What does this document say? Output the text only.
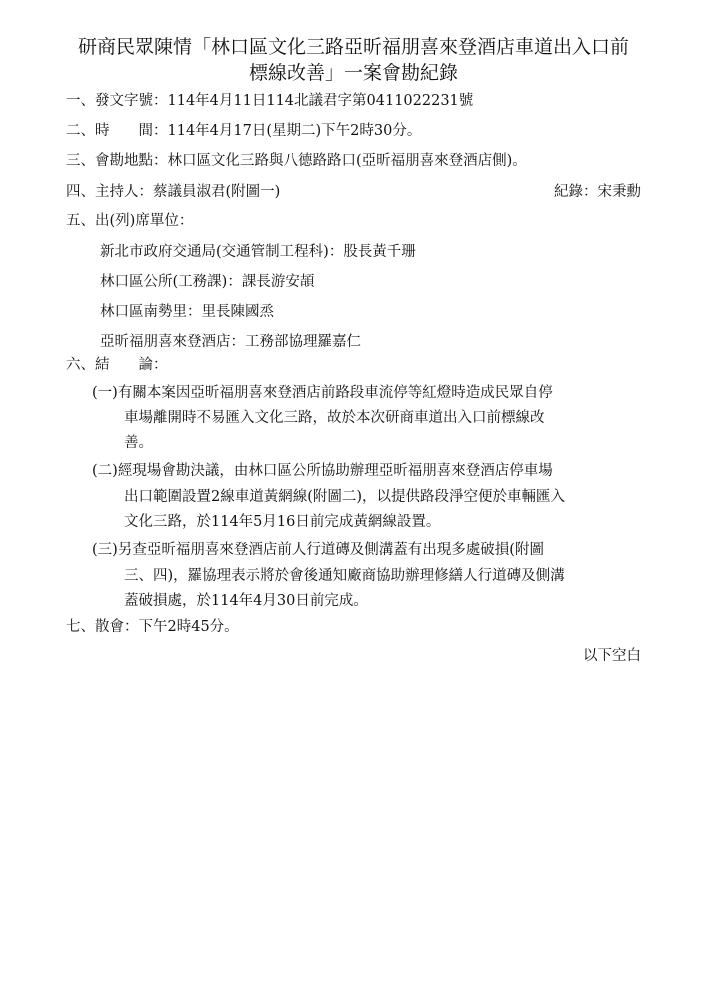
研商民眾陳情「林口區文化三路亞昕福朋喜來登酒店車道出入口前
標線改善」一案會勘紀錄
一、發文字號：114年4月11日114北議君字第0411022231號
二、時　　間：114年4月17日(星期二)下午2時30分。
三、會勘地點：林口區文化三路與八德路路口(亞昕福朋喜來登酒店側)。
四、主持人：蔡議員淑君(附圖一)	紀錄：宋秉勳
五、出(列)席單位：
新北市政府交通局(交通管制工程科)：股長黃千珊
林口區公所(工務課)：課長游安頡
林口區南勢里：里長陳國烝
亞昕福朋喜來登酒店：工務部協理羅嘉仁
六、結　　論：
(一)有關本案因亞昕福朋喜來登酒店前路段車流停等紅燈時造成民眾自停
車場離開時不易匯入文化三路，故於本次研商車道出入口前標線改
善。
(二)經現場會勘決議，由林口區公所協助辦理亞昕福朋喜來登酒店停車場
出口範圍設置2線車道黃網線(附圖二)，以提供路段淨空便於車輛匯入
文化三路，於114年5月16日前完成黃網線設置。
(三)另查亞昕福朋喜來登酒店前人行道磚及側溝蓋有出現多處破損(附圖
三、四)，羅協理表示將於會後通知廠商協助辦理修繕人行道磚及側溝
蓋破損處，於114年4月30日前完成。
七、散會：下午2時45分。
以下空白
